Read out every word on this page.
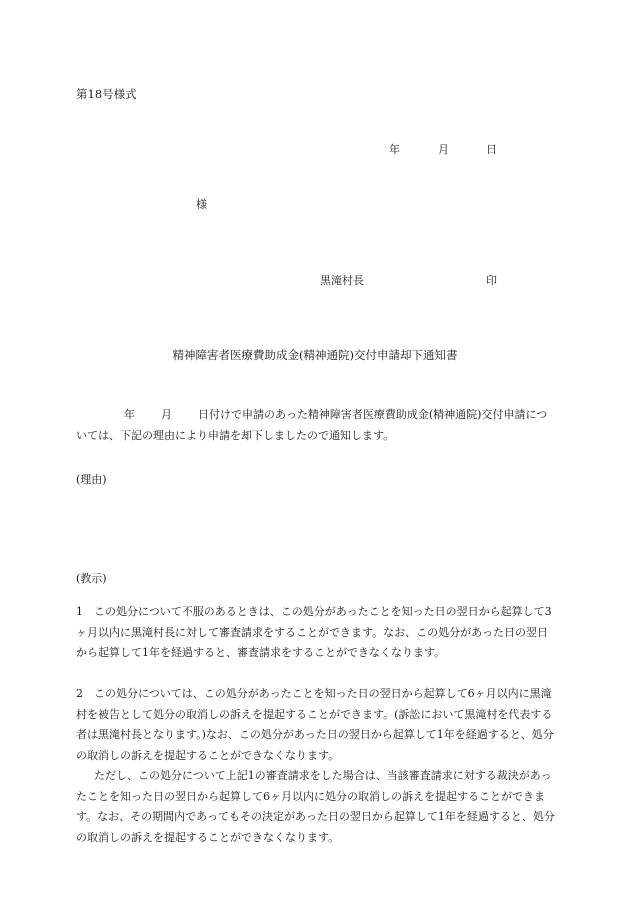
第18号様式
年	月	日
様
黒滝村長	印
精神障害者医療費助成金(精神通院)交付申請却下通知書
年 月 日付けで申請のあった精神障害者医療費助成金(精神通院)交付申請については、下記の理由により申請を却下しましたので通知します。
(理由)
(教示)
1	この処分について不服のあるときは、この処分があったことを知った日の翌日から起算して3ヶ月以内に黒滝村長に対して審査請求をすることができます。なお、この処分があった日の翌日から起算して1年を経過すると、審査請求をすることができなくなります。
2	この処分については、この処分があったことを知った日の翌日から起算して6ヶ月以内に黒滝村を被告として処分の取消しの訴えを提起することができます。(訴訟において黒滝村を代表する者は黒滝村長となります。)なお、この処分があった日の翌日から起算して1年を経過すると、処分の取消しの訴えを提起することができなくなります。
ただし、この処分について上記1の審査請求をした場合は、当該審査請求に対する裁決があったことを知った日の翌日から起算して6ヶ月以内に処分の取消しの訴えを提起することができます。なお、その期間内であってもその決定があった日の翌日から起算して1年を経過すると、処分の取消しの訴えを提起することができなくなります。
